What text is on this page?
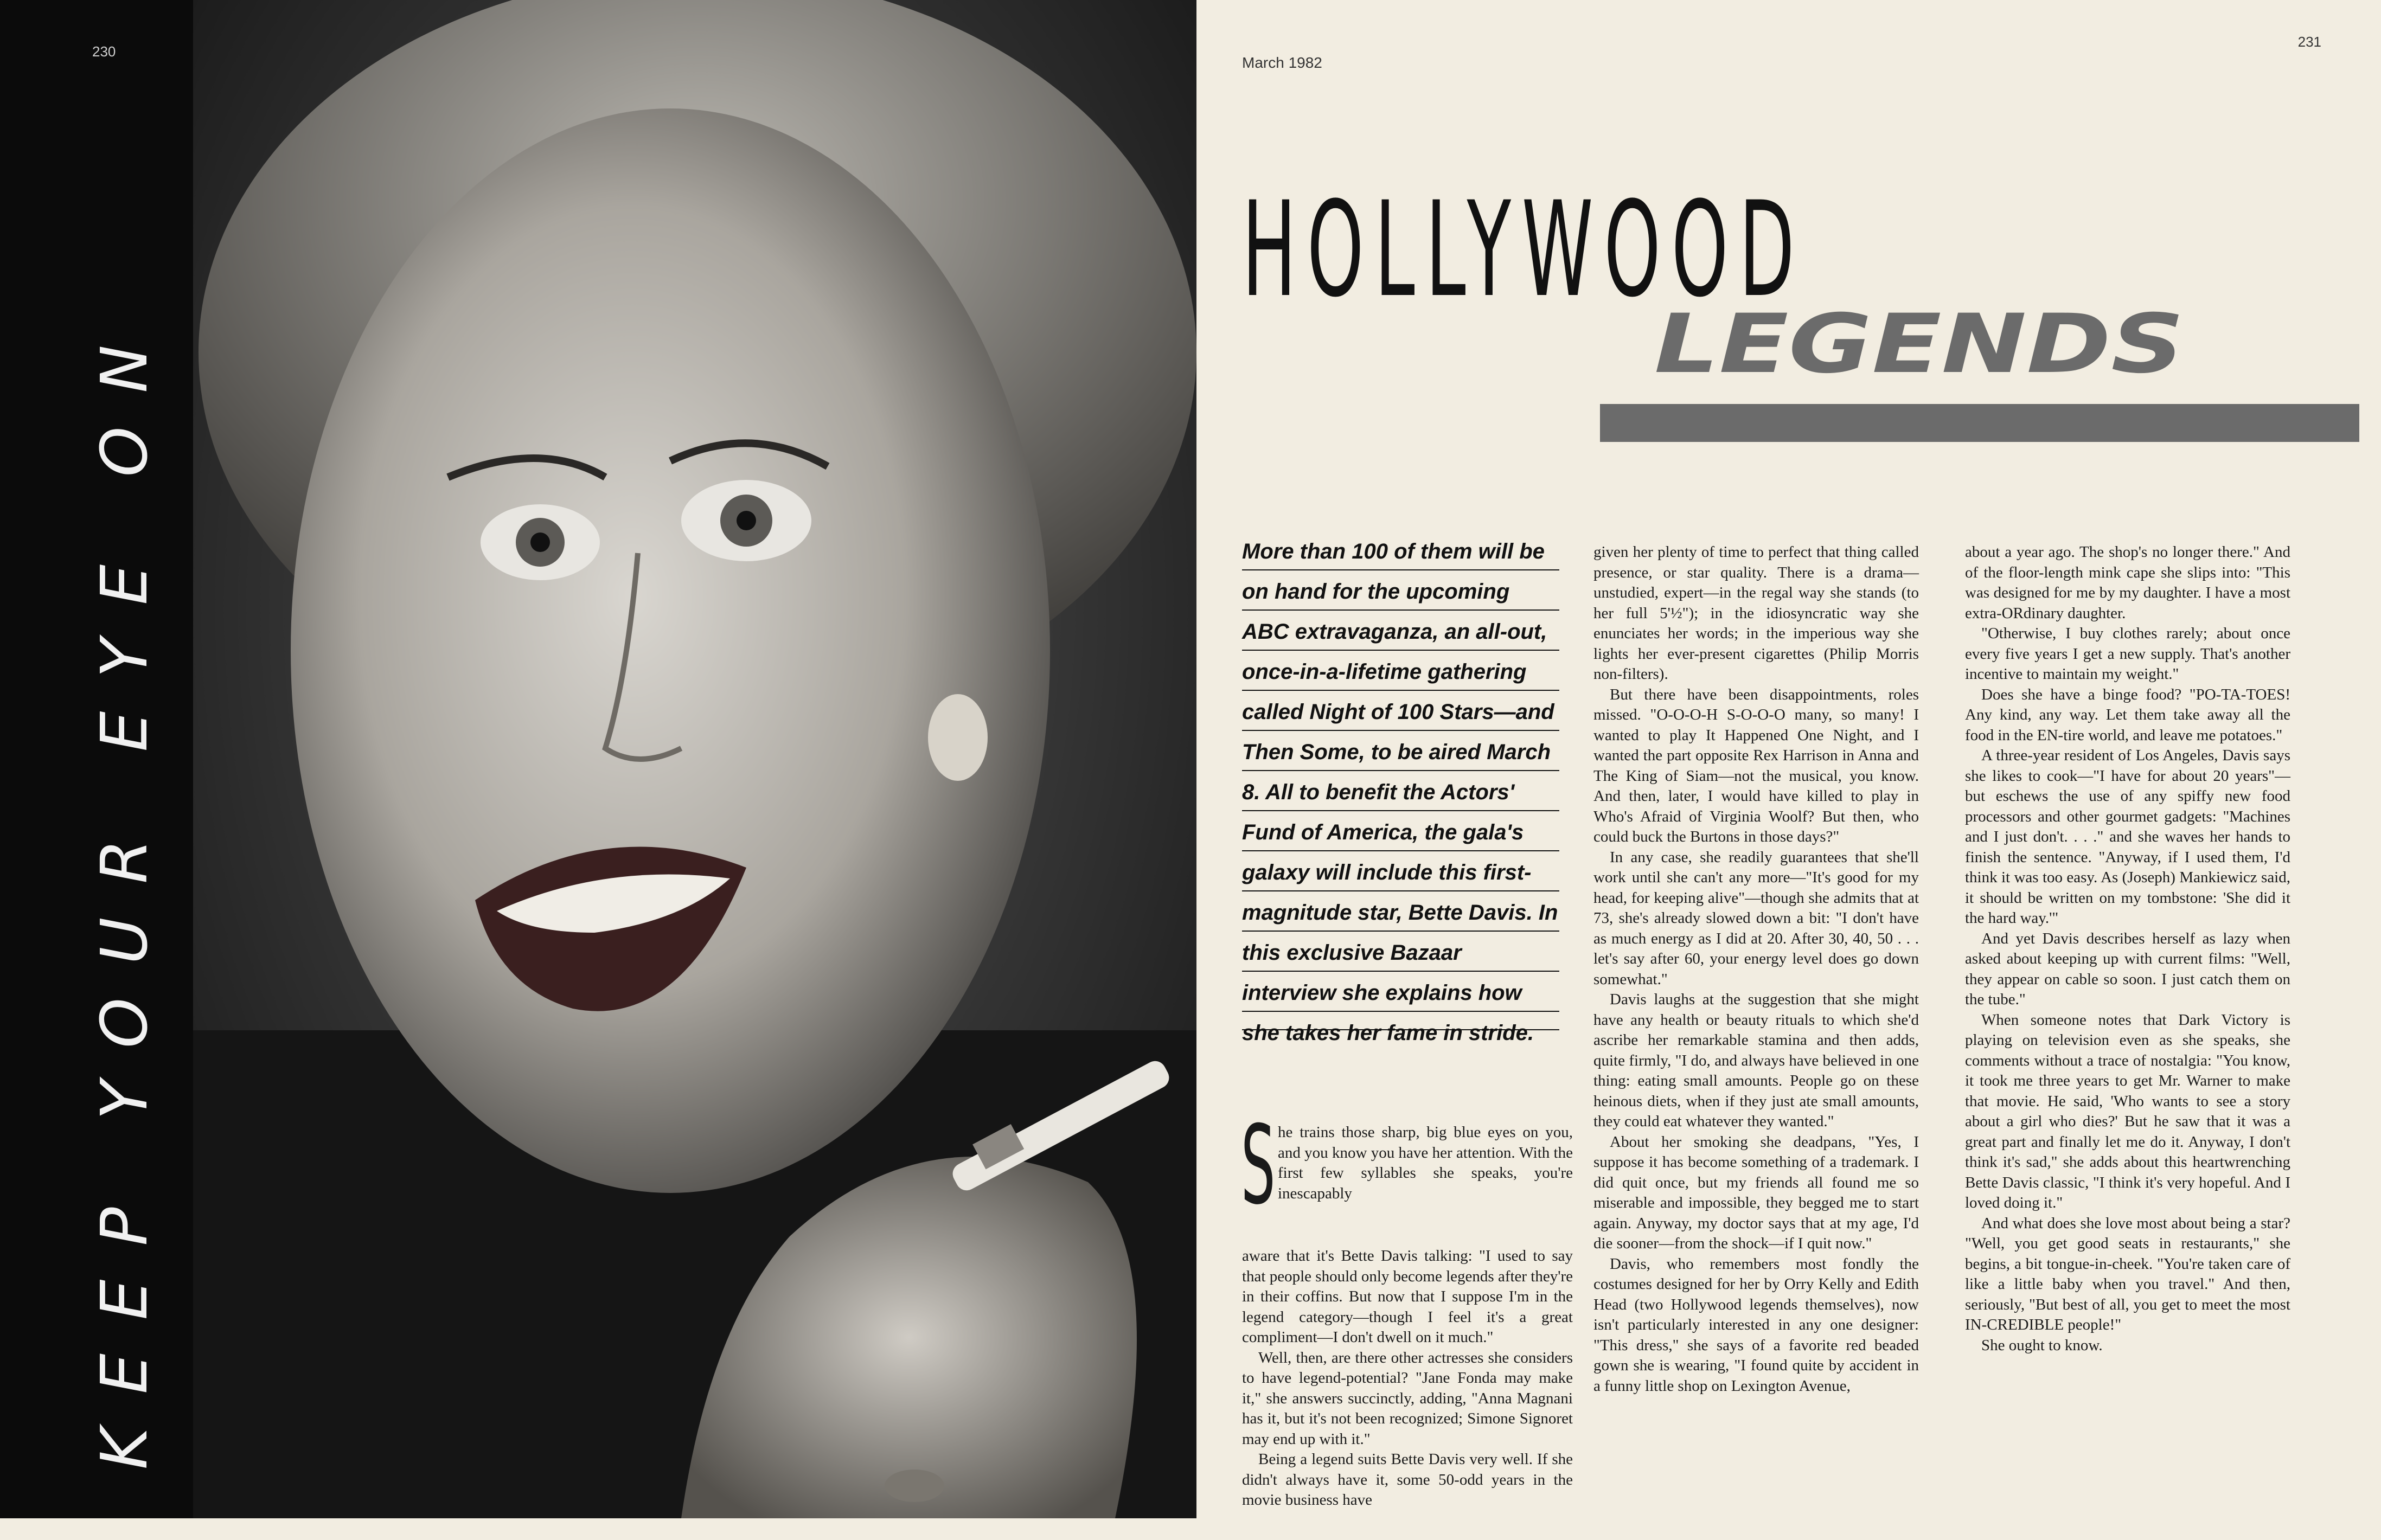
230
KEEP YOUR EYE ON
231
March 1982
HOLLYWOOD
LEGENDS
More than 100 of them will be on hand for the upcoming ABC extravaganza, an all-out, once-in-a-lifetime gathering called Night of 100 Stars—and Then Some, to be aired March 8. All to benefit the Actors' Fund of America, the gala's galaxy will include this first-magnitude star, Bette Davis. In this exclusive Bazaar interview she explains how she takes her fame in stride.
S he trains those sharp, big blue eyes on you, and you know you have her attention. With the first few syllables she speaks, you're inescapably

aware that it's Bette Davis talking: "I used to say that people should only become legends after they're in their coffins. But now that I suppose I'm in the legend category—though I feel it's a great compliment—I don't dwell on it much."

Well, then, are there other actresses she considers to have legend-potential? "Jane Fonda may make it," she answers succinctly, adding, "Anna Magnani has it, but it's not been recognized; Simone Signoret may end up with it."

Being a legend suits Bette Davis very well. If she didn't always have it, some 50-odd years in the movie business have

given her plenty of time to perfect that thing called presence, or star quality. There is a drama—unstudied, expert—in the regal way she stands (to her full 5'½"); in the idiosyncratic way she enunciates her words; in the imperious way she lights her ever-present cigarettes (Philip Morris non-filters).

But there have been disappointments, roles missed. "O-O-O-H S-O-O-O many, so many! I wanted to play It Happened One Night, and I wanted the part opposite Rex Harrison in Anna and The King of Siam—not the musical, you know. And then, later, I would have killed to play in Who's Afraid of Virginia Woolf? But then, who could buck the Burtons in those days?"

In any case, she readily guarantees that she'll work until she can't any more—"It's good for my head, for keeping alive"—though she admits that at 73, she's already slowed down a bit: "I don't have as much energy as I did at 20. After 30, 40, 50 . . . let's say after 60, your energy level does go down somewhat."

Davis laughs at the suggestion that she might have any health or beauty rituals to which she'd ascribe her remarkable stamina and then adds, quite firmly, "I do, and always have believed in one thing: eating small amounts. People go on these heinous diets, when if they just ate small amounts, they could eat whatever they wanted."

About her smoking she deadpans, "Yes, I suppose it has become something of a trademark. I did quit once, but my friends all found me so miserable and impossible, they begged me to start again. Anyway, my doctor says that at my age, I'd die sooner—from the shock—if I quit now."

Davis, who remembers most fondly the costumes designed for her by Orry Kelly and Edith Head (two Hollywood legends themselves), now isn't particularly interested in any one designer: "This dress," she says of a favorite red beaded gown she is wearing, "I found quite by accident in a funny little shop on Lexington Avenue,

about a year ago. The shop's no longer there." And of the floor-length mink cape she slips into: "This was designed for me by my daughter. I have a most extra-ORdinary daughter.

"Otherwise, I buy clothes rarely; about once every five years I get a new supply. That's another incentive to maintain my weight."

Does she have a binge food? "PO-TA-TOES! Any kind, any way. Let them take away all the food in the EN-tire world, and leave me potatoes."

A three-year resident of Los Angeles, Davis says she likes to cook—"I have for about 20 years"—but eschews the use of any spiffy new food processors and other gourmet gadgets: "Machines and I just don't. . . ." and she waves her hands to finish the sentence. "Anyway, if I used them, I'd think it was too easy. As (Joseph) Mankiewicz said, it should be written on my tombstone: 'She did it the hard way.'"

And yet Davis describes herself as lazy when asked about keeping up with current films: "Well, they appear on cable so soon. I just catch them on the tube."

When someone notes that Dark Victory is playing on television even as she speaks, she comments without a trace of nostalgia: "You know, it took me three years to get Mr. Warner to make that movie. He said, 'Who wants to see a story about a girl who dies?' But he saw that it was a great part and finally let me do it. Anyway, I don't think it's sad," she adds about this heartwrenching Bette Davis classic, "I think it's very hopeful. And I loved doing it."

And what does she love most about being a star? "Well, you get good seats in restaurants," she begins, a bit tongue-in-cheek. "You're taken care of like a little baby when you travel." And then, seriously, "But best of all, you get to meet the most IN-CREDIBLE people!"

She ought to know.
